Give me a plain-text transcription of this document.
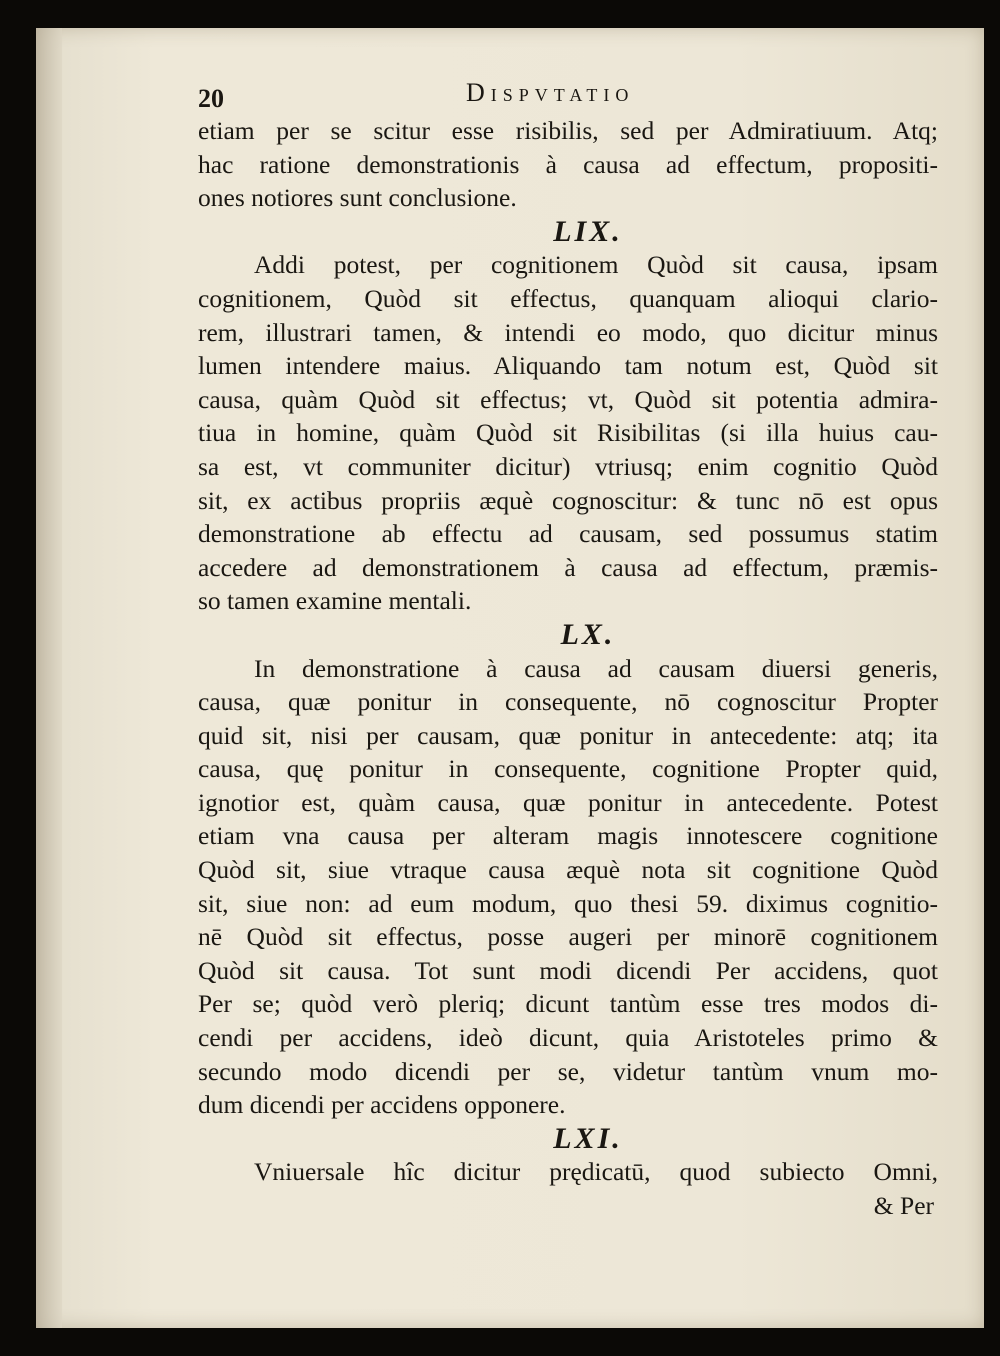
20	Dispvtatio
etiam per se scitur esse risibilis, sed per Admiratiuum. Atq;
hac ratione demonstrationis à causa ad effectum, propositi-
ones notiores sunt conclusione.
LIX.
Addi potest, per cognitionem Quòd sit causa, ipsam
cognitionem, Quòd sit effectus, quanquam alioqui clario-
rem, illustrari tamen, & intendi eo modo, quo dicitur minus
lumen intendere maius. Aliquando tam notum est, Quòd sit
causa, quàm Quòd sit effectus; vt, Quòd sit potentia admira-
tiua in homine, quàm Quòd sit Risibilitas (si illa huius cau-
sa est, vt communiter dicitur) vtriusq; enim cognitio Quòd
sit, ex actibus propriis æquè cognoscitur: & tunc nō est opus
demonstratione ab effectu ad causam, sed possumus statim
accedere ad demonstrationem à causa ad effectum, præmis-
so tamen examine mentali.
LX.
In demonstratione à causa ad causam diuersi generis,
causa, quæ ponitur in consequente, nō cognoscitur Propter
quid sit, nisi per causam, quæ ponitur in antecedente: atq; ita
causa, quę ponitur in consequente, cognitione Propter quid,
ignotior est, quàm causa, quæ ponitur in antecedente. Potest
etiam vna causa per alteram magis innotescere cognitione
Quòd sit, siue vtraque causa æquè nota sit cognitione Quòd
sit, siue non: ad eum modum, quo thesi 59. diximus cognitio-
nē Quòd sit effectus, posse augeri per minorē cognitionem
Quòd sit causa. Tot sunt modi dicendi Per accidens, quot
Per se; quòd verò pleriq; dicunt tantùm esse tres modos di-
cendi per accidens, ideò dicunt, quia Aristoteles primo &
secundo modo dicendi per se, videtur tantùm vnum mo-
dum dicendi per accidens opponere.
LXI.
Vniuersale hîc dicitur prędicatū, quod subiecto Omni,
& Per
